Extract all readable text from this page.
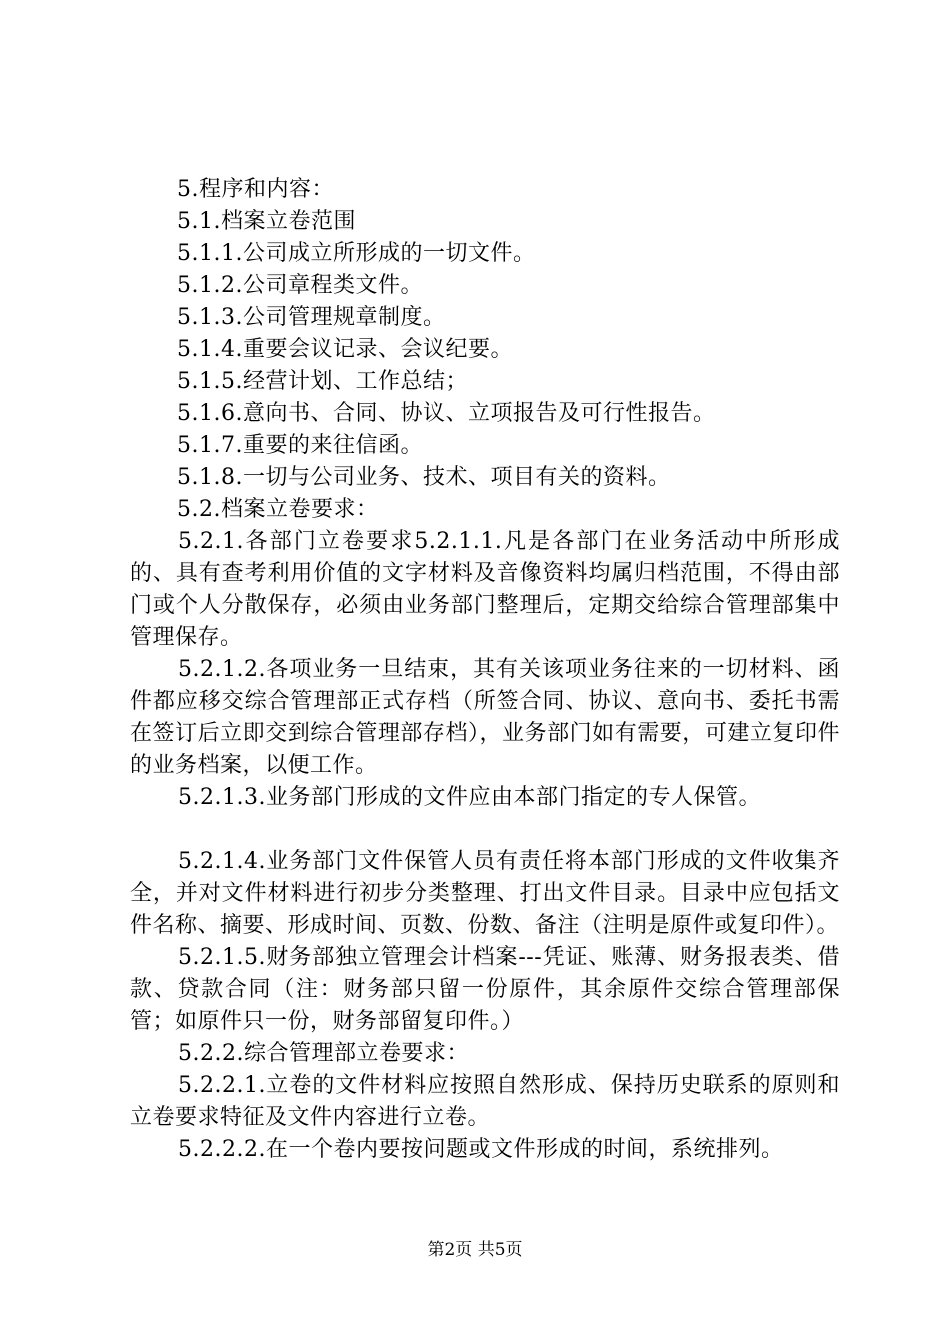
5.程序和内容：
5.1.档案立卷范围
5.1.1.公司成立所形成的一切文件。
5.1.2.公司章程类文件。
5.1.3.公司管理规章制度。
5.1.4.重要会议记录、会议纪要。
5.1.5.经营计划、工作总结；
5.1.6.意向书、合同、协议、立项报告及可行性报告。
5.1.7.重要的来往信函。
5.1.8.一切与公司业务、技术、项目有关的资料。
5.2.档案立卷要求：
5.2.1.各部门立卷要求5.2.1.1.凡是各部门在业务活动中所形成的、具有查考利用价值的文字材料及音像资料均属归档范围，不得由部门或个人分散保存，必须由业务部门整理后，定期交给综合管理部集中管理保存。
5.2.1.2.各项业务一旦结束，其有关该项业务往来的一切材料、函件都应移交综合管理部正式存档（所签合同、协议、意向书、委托书需在签订后立即交到综合管理部存档），业务部门如有需要，可建立复印件的业务档案，以便工作。
5.2.1.3.业务部门形成的文件应由本部门指定的专人保管。
5.2.1.4.业务部门文件保管人员有责任将本部门形成的文件收集齐全，并对文件材料进行初步分类整理、打出文件目录。目录中应包括文件名称、摘要、形成时间、页数、份数、备注（注明是原件或复印件）。
5.2.1.5.财务部独立管理会计档案---凭证、账薄、财务报表类、借款、贷款合同（注：财务部只留一份原件，其余原件交综合管理部保管；如原件只一份，财务部留复印件。）
5.2.2.综合管理部立卷要求：
5.2.2.1.立卷的文件材料应按照自然形成、保持历史联系的原则和立卷要求特征及文件内容进行立卷。
5.2.2.2.在一个卷内要按问题或文件形成的时间，系统排列。
第2页 共5页
